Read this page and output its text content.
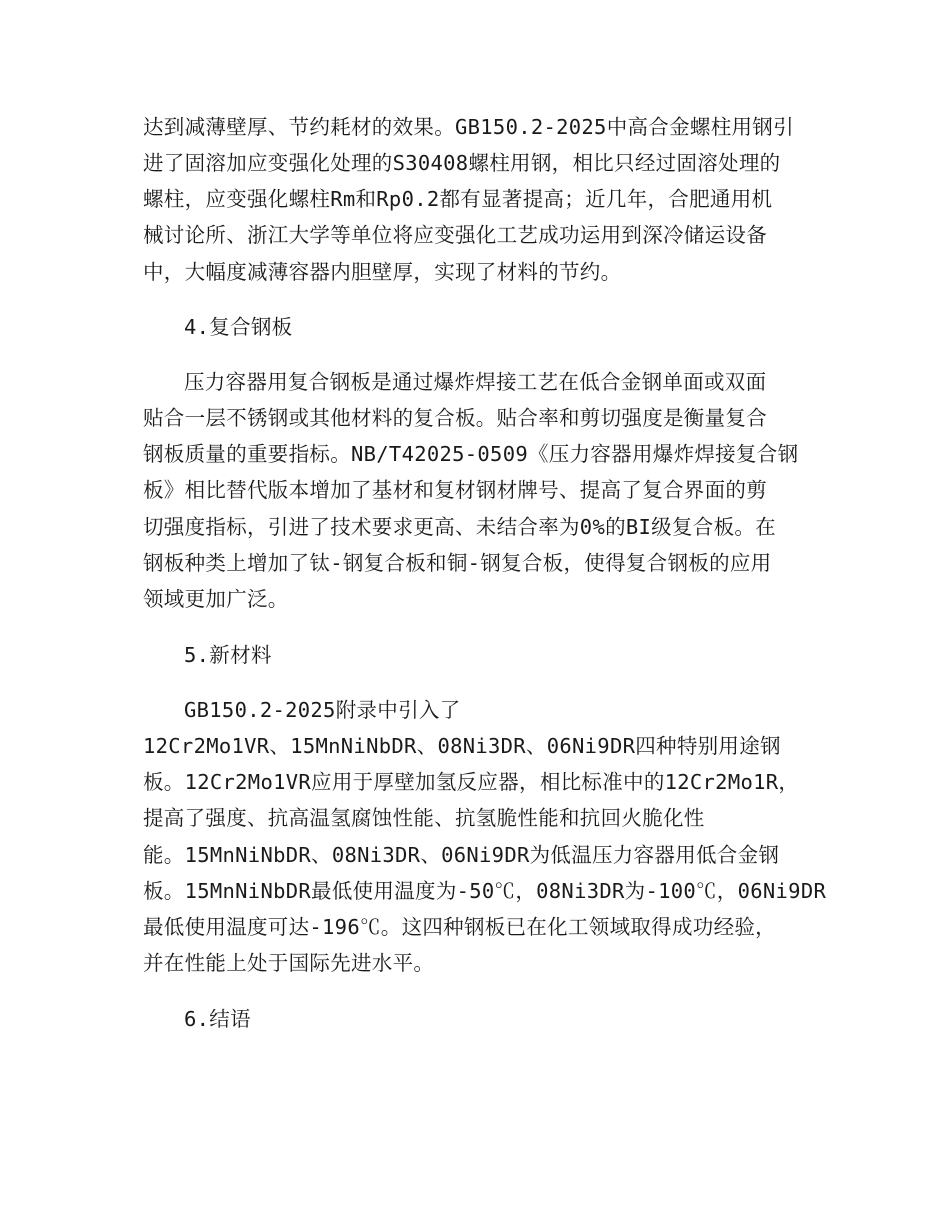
达到减薄壁厚、节约耗材的效果。GB150.2-2025中高合金螺柱用钢引
进了固溶加应变强化处理的S30408螺柱用钢，相比只经过固溶处理的
螺柱，应变强化螺柱Rm和Rp0.2都有显著提高；近几年，合肥通用机
械讨论所、浙江大学等单位将应变强化工艺成功运用到深冷储运设备
中，大幅度减薄容器内胆壁厚，实现了材料的节约。
4.复合钢板
压力容器用复合钢板是通过爆炸焊接工艺在低合金钢单面或双面
贴合一层不锈钢或其他材料的复合板。贴合率和剪切强度是衡量复合
钢板质量的重要指标。NB/T42025-0509《压力容器用爆炸焊接复合钢
板》相比替代版本增加了基材和复材钢材牌号、提高了复合界面的剪
切强度指标，引进了技术要求更高、未结合率为0%的BI级复合板。在
钢板种类上增加了钛-钢复合板和铜-钢复合板，使得复合钢板的应用
领域更加广泛。
5.新材料
GB150.2-2025附录中引入了
12Cr2Mo1VR、15MnNiNbDR、08Ni3DR、06Ni9DR四种特别用途钢
板。12Cr2Mo1VR应用于厚壁加氢反应器，相比标准中的12Cr2Mo1R，
提高了强度、抗高温氢腐蚀性能、抗氢脆性能和抗回火脆化性
能。15MnNiNbDR、08Ni3DR、06Ni9DR为低温压力容器用低合金钢
板。15MnNiNbDR最低使用温度为-50℃，08Ni3DR为-100℃，06Ni9DR
最低使用温度可达-196℃。这四种钢板已在化工领域取得成功经验，
并在性能上处于国际先进水平。
6.结语
